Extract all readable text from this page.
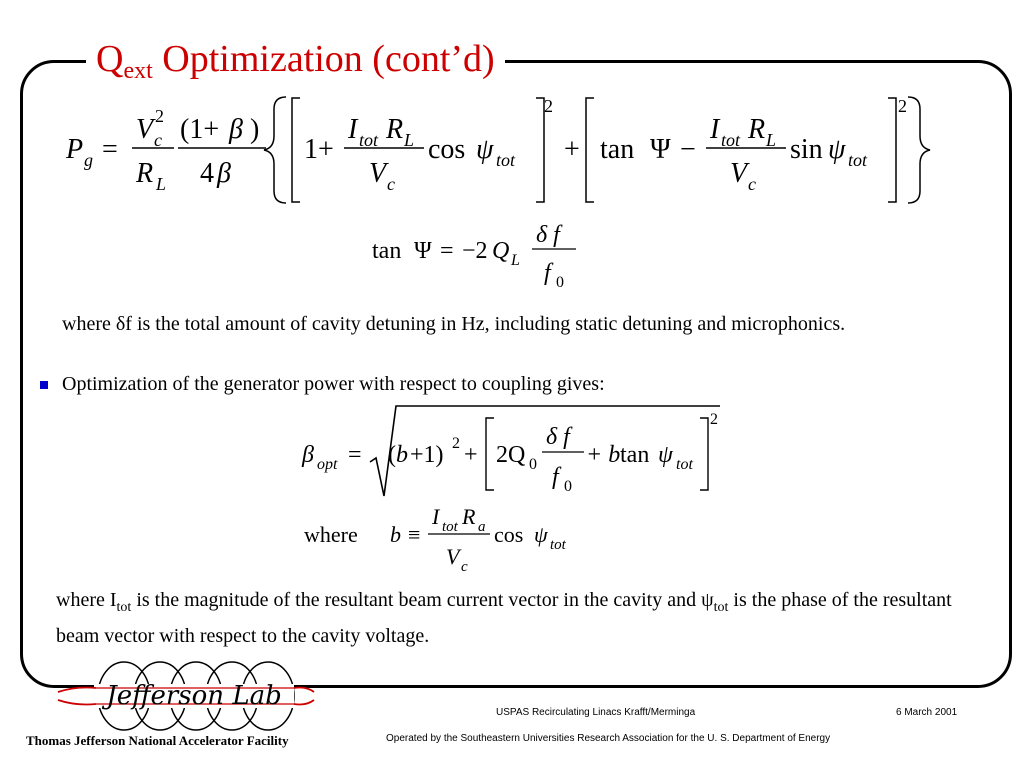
$Q_{ext}$ Optimization (cont’d)
P g =
V c
2
R L
(1+ β )
4 β
1+
I tot R L
V c
cos ψ tot
2
+ tan Ψ −
I tot R L
V c
sin ψ tot
2
tan Ψ = −2 Q L
δ f
f 0
where δf is the total amount of cavity detuning in Hz, including static detuning and microphonics.
Optimization of the generator power with respect to coupling gives:
β opt = ( b +1) 2 + 2Q 0
δ f
f 0
+ b tan ψ tot
2
where b ≡
I tot R a
V c
cos ψ tot
where $I_{tot}$ is the magnitude of the resultant beam current vector in the cavity and $\psi_{tot}$ is the phase of the resultant beam vector with respect to the cavity voltage.
Jefferson Lab
Thomas Jefferson National Accelerator Facility
USPAS Recirculating Linacs Krafft/Merminga	6 March 2001
Operated by the Southeastern Universities Research Association for the U. S. Department of Energy
